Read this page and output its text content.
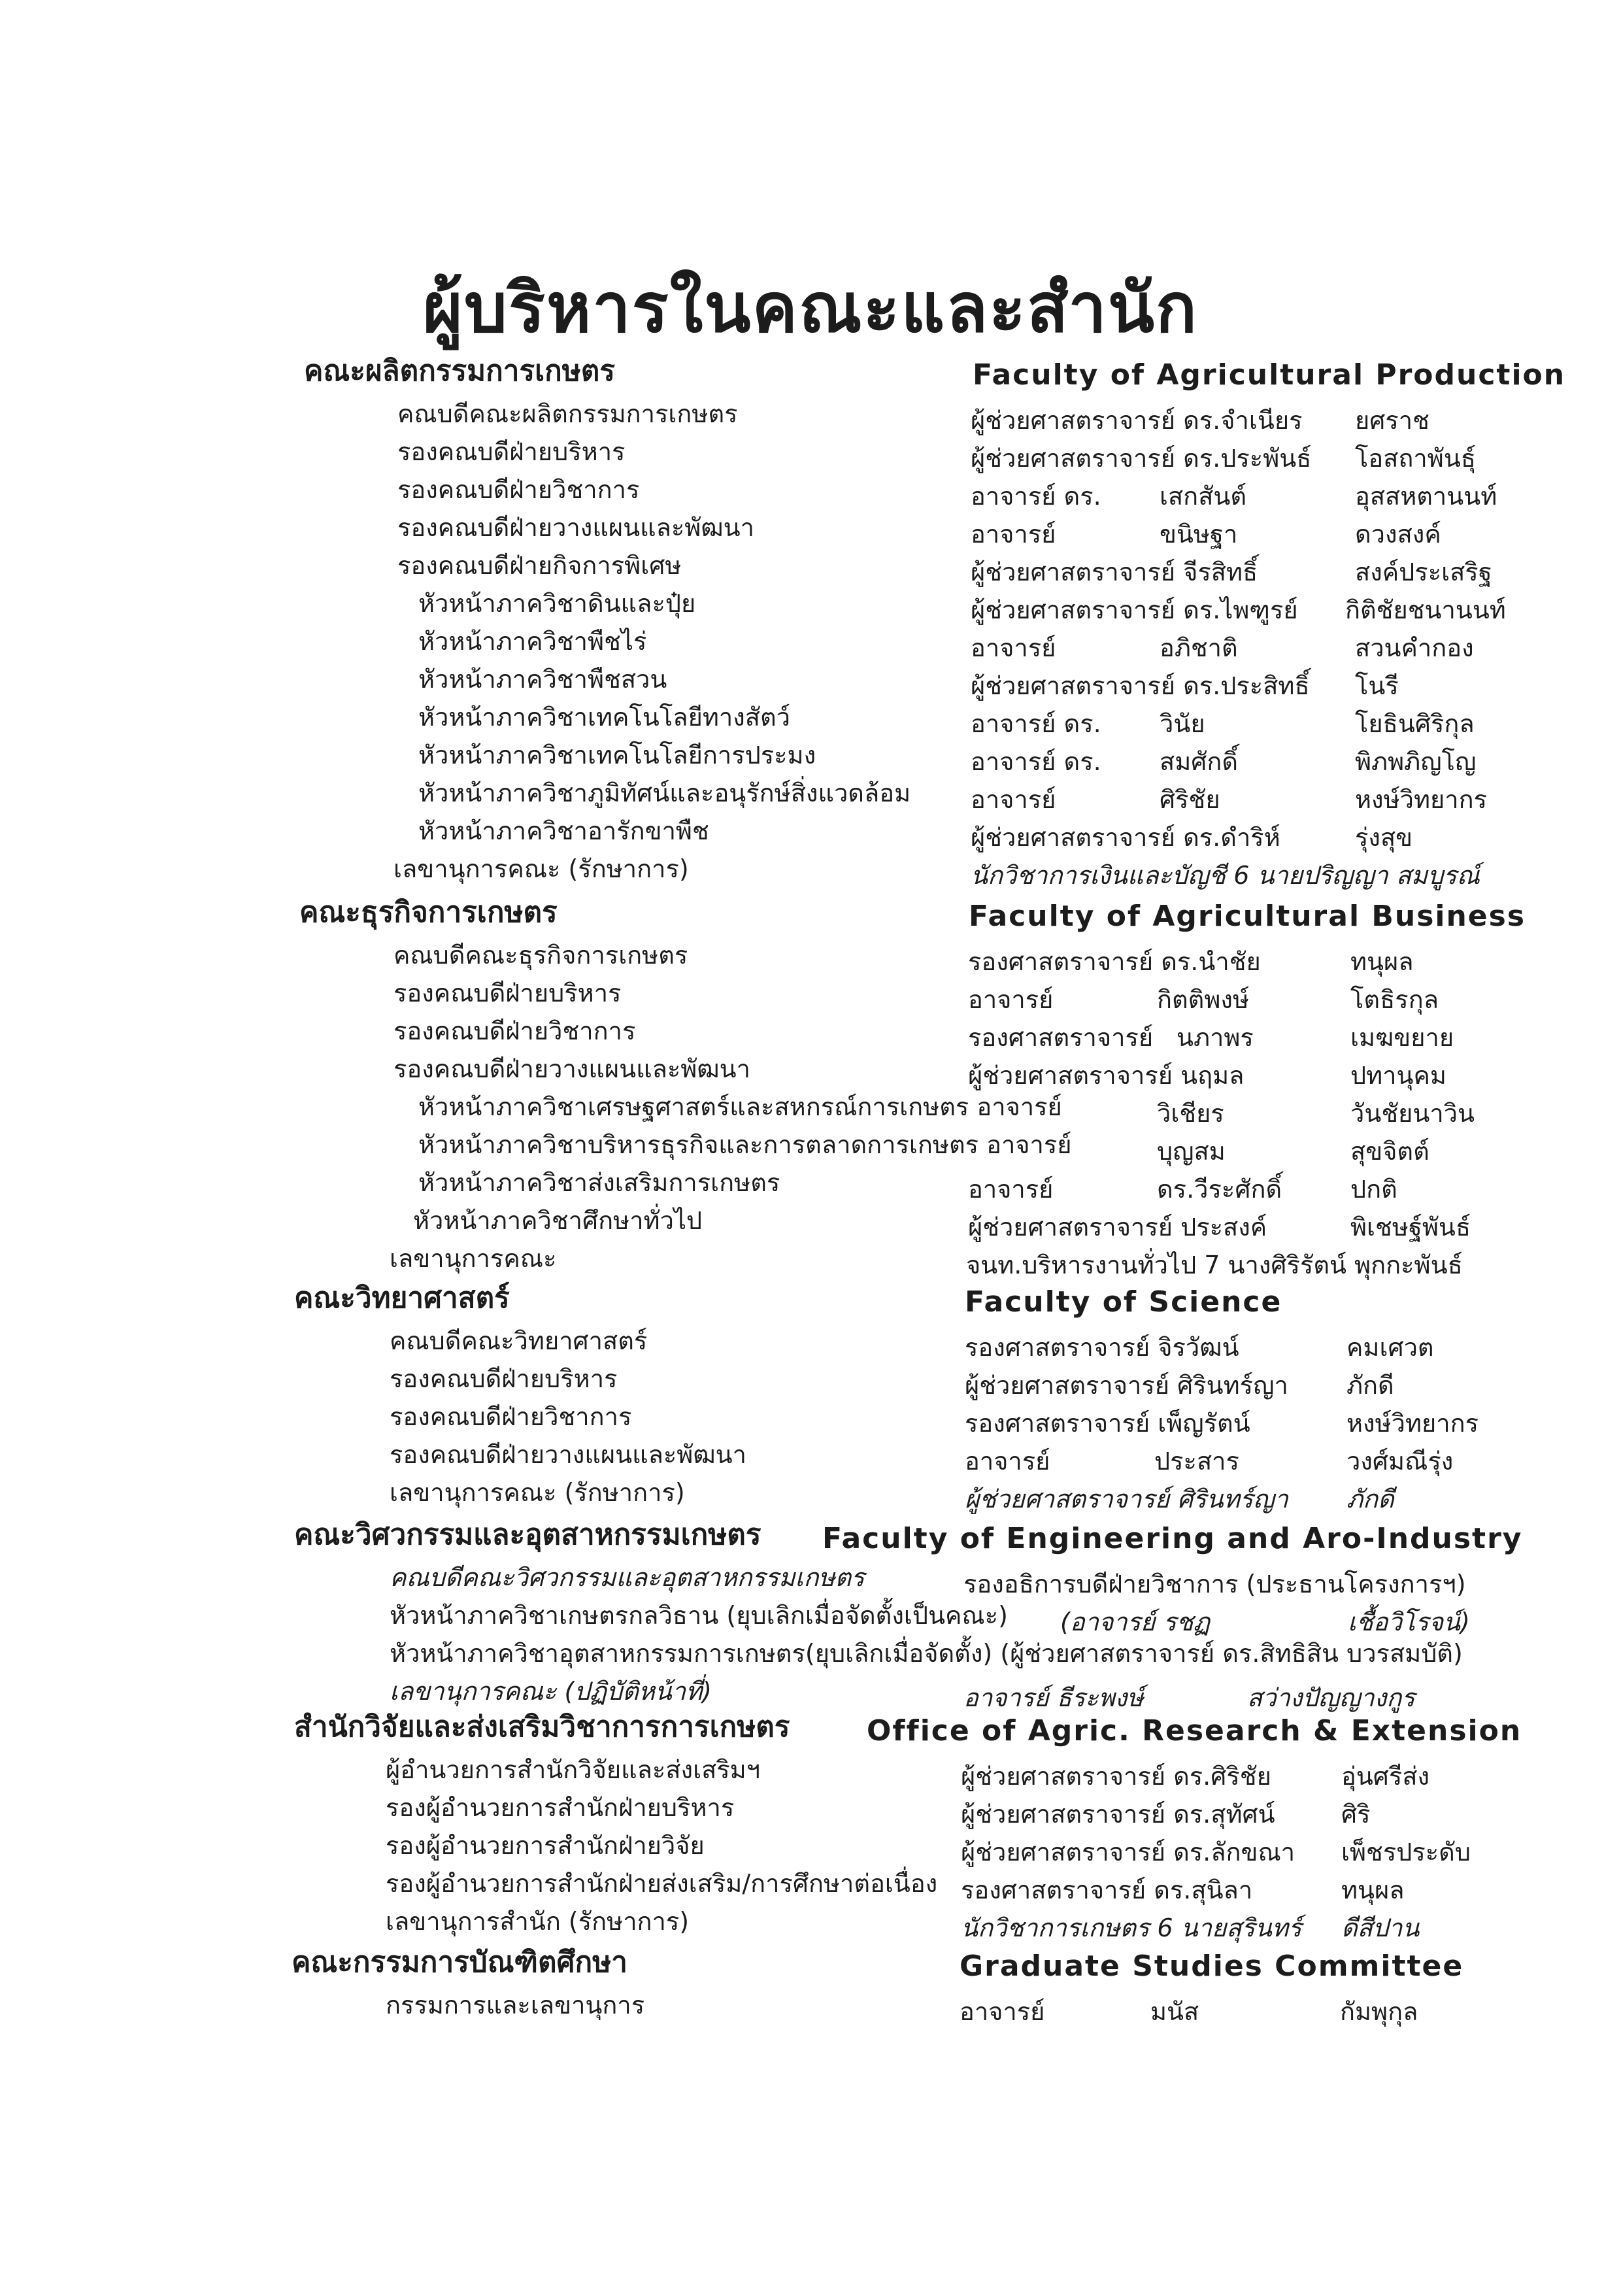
ผู้บริหารในคณะและสำนัก
คณะผลิตกรรมการเกษตร	Faculty of Agricultural Production
คณบดีคณะผลิตกรรมการเกษตร	ผู้ช่วยศาสตราจารย์ ดร.จำเนียร ยศราช
รองคณบดีฝ่ายบริหาร	ผู้ช่วยศาสตราจารย์ ดร.ประพันธ์ โอสถาพันธุ์
รองคณบดีฝ่ายวิชาการ	อาจารย์ ดร.	เสกสันต์	อุสสหตานนท์
รองคณบดีฝ่ายวางแผนและพัฒนา	อาจารย์	ขนิษฐา	ดวงสงค์
รองคณบดีฝ่ายกิจการพิเศษ	ผู้ช่วยศาสตราจารย์ จีรสิทธิ์	สงค์ประเสริฐ
หัวหน้าภาควิชาดินและปุ๋ย	ผู้ช่วยศาสตราจารย์ ดร.ไพฑูรย์ กิติชัยชนานนท์
หัวหน้าภาควิชาพืชไร่	อาจารย์	อภิชาติ	สวนคำกอง
หัวหน้าภาควิชาพืชสวน	ผู้ช่วยศาสตราจารย์ ดร.ประสิทธิ์ โนรี
หัวหน้าภาควิชาเทคโนโลยีทางสัตว์	อาจารย์ ดร.	วินัย	โยธินศิริกุล
หัวหน้าภาควิชาเทคโนโลยีการประมง	อาจารย์ ดร.	สมศักดิ์	พิภพภิญโญ
หัวหน้าภาควิชาภูมิทัศน์และอนุรักษ์สิ่งแวดล้อม	อาจารย์	ศิริชัย	หงษ์วิทยากร
หัวหน้าภาควิชาอารักขาพืช	ผู้ช่วยศาสตราจารย์ ดร.ดำริห์	รุ่งสุข
เลขานุการคณะ (รักษาการ)	นักวิชาการเงินและบัญชี 6 นายปริญญา สมบูรณ์
คณะธุรกิจการเกษตร	Faculty of Agricultural Business
คณบดีคณะธุรกิจการเกษตร	รองศาสตราจารย์ ดร.นำชัย	ทนุผล
รองคณบดีฝ่ายบริหาร	อาจารย์	กิตติพงษ์	โตธิรกุล
รองคณบดีฝ่ายวิชาการ	รองศาสตราจารย์ นภาพร	เมฆขยาย
รองคณบดีฝ่ายวางแผนและพัฒนา	ผู้ช่วยศาสตราจารย์ นฤมล	ปทานุคม
หัวหน้าภาควิชาเศรษฐศาสตร์และสหกรณ์การเกษตร อาจารย์	วิเชียร	วันชัยนาวิน
หัวหน้าภาควิชาบริหารธุรกิจและการตลาดการเกษตร อาจารย์	บุญสม	สุขจิตต์
หัวหน้าภาควิชาส่งเสริมการเกษตร	อาจารย์	ดร.วีระศักดิ์	ปกติ
หัวหน้าภาควิชาศึกษาทั่วไป	ผู้ช่วยศาสตราจารย์ ประสงค์	พิเชษฐ์พันธ์
เลขานุการคณะ	จนท.บริหารงานทั่วไป 7 นางศิริรัตน์ พุกกะพันธ์
คณะวิทยาศาสตร์	Faculty of Science
คณบดีคณะวิทยาศาสตร์	รองศาสตราจารย์ จิรวัฒน์	คมเศวต
รองคณบดีฝ่ายบริหาร	ผู้ช่วยศาสตราจารย์ ศิรินทร์ญา ภักดี
รองคณบดีฝ่ายวิชาการ	รองศาสตราจารย์ เพ็ญรัตน์	หงษ์วิทยากร
รองคณบดีฝ่ายวางแผนและพัฒนา	อาจารย์	ประสาร	วงศ์มณีรุ่ง
เลขานุการคณะ (รักษาการ)	ผู้ช่วยศาสตราจารย์ ศิรินทร์ญา ภักดี
คณะวิศวกรรมและอุตสาหกรรมเกษตร	Faculty of Engineering and Aro-Industry
คณบดีคณะวิศวกรรมและอุตสาหกรรมเกษตร	รองอธิการบดีฝ่ายวิชาการ (ประธานโครงการฯ)
หัวหน้าภาควิชาเกษตรกลวิธาน (ยุบเลิกเมื่อจัดตั้งเป็นคณะ)	(อาจารย์ รชฏ	เชื้อวิโรจน์)
หัวหน้าภาควิชาอุตสาหกรรมการเกษตร(ยุบเลิกเมื่อจัดตั้ง) (ผู้ช่วยศาสตราจารย์ ดร.สิทธิสิน บวรสมบัติ)
เลขานุการคณะ (ปฏิบัติหน้าที่)	อาจารย์ ธีระพงษ์	สว่างปัญญางกูร
สำนักวิจัยและส่งเสริมวิชาการการเกษตร	Office of Agric. Research & Extension
ผู้อำนวยการสำนักวิจัยและส่งเสริมฯ	ผู้ช่วยศาสตราจารย์ ดร.ศิริชัย	อุ่นศรีส่ง
รองผู้อำนวยการสำนักฝ่ายบริหาร	ผู้ช่วยศาสตราจารย์ ดร.สุทัศน์	ศิริ
รองผู้อำนวยการสำนักฝ่ายวิจัย	ผู้ช่วยศาสตราจารย์ ดร.ลักขณา เพ็ชรประดับ
รองผู้อำนวยการสำนักฝ่ายส่งเสริม/การศึกษาต่อเนื่อง รองศาสตราจารย์ ดร.สุนิลา	ทนุผล
เลขานุการสำนัก (รักษาการ)	นักวิชาการเกษตร 6 นายสุรินทร์ ดีสีปาน
คณะกรรมการบัณฑิตศึกษา	Graduate Studies Committee
กรรมการและเลขานุการ	อาจารย์	มนัส	กัมพุกุล
